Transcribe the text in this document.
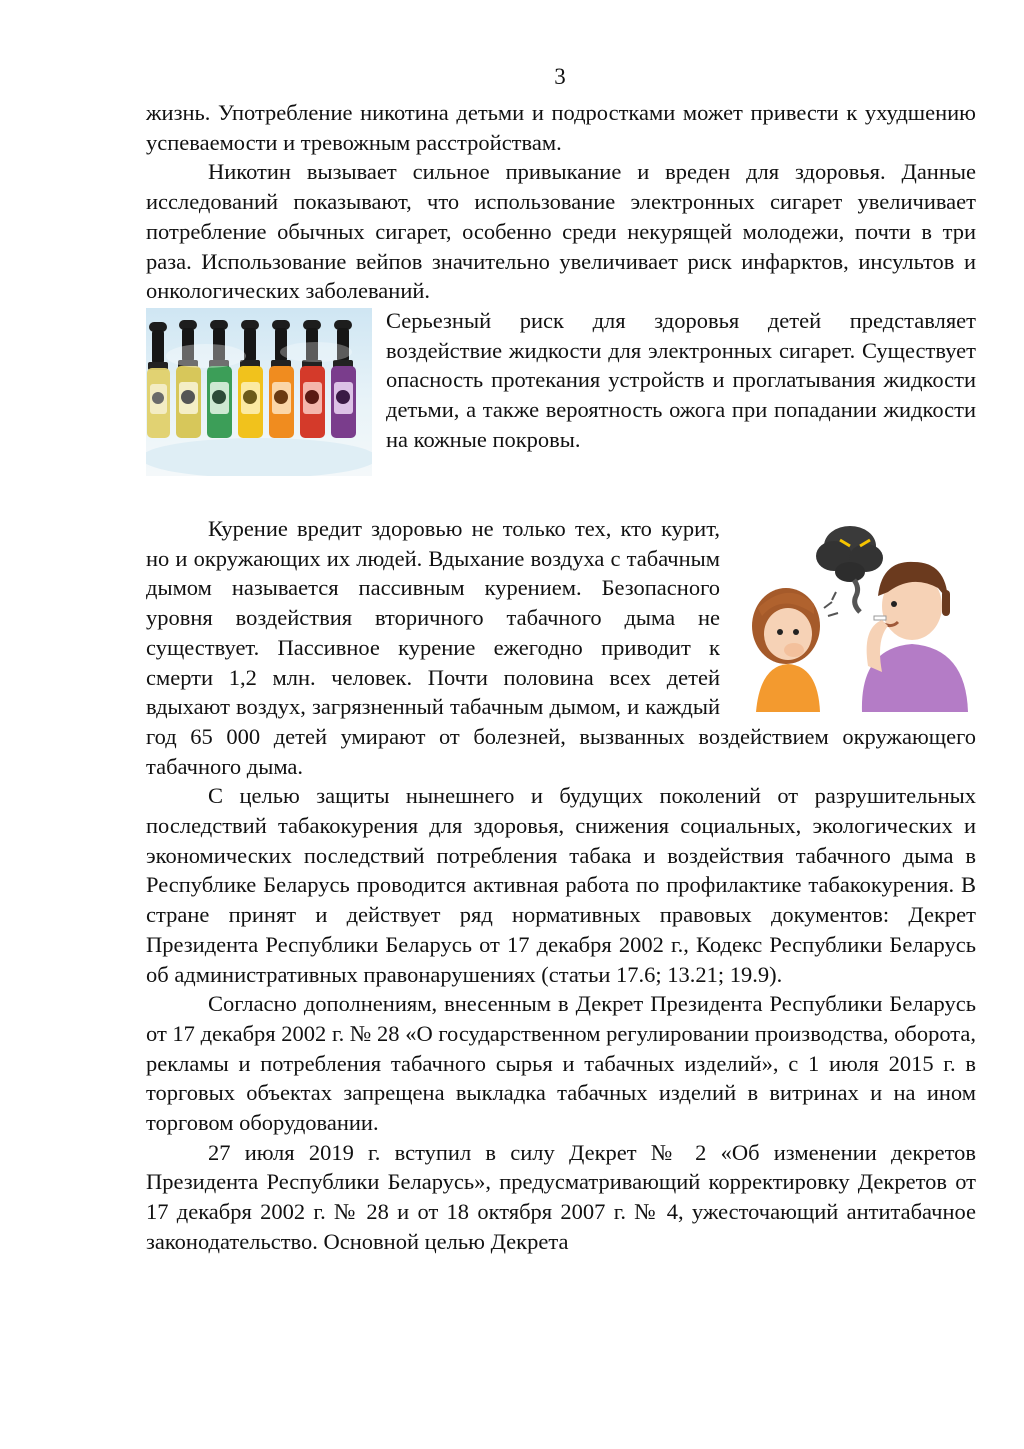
3

жизнь. Употребление никотина детьми и подростками может привести к ухудшению успеваемости и тревожным расстройствам.

Никотин вызывает сильное привыкание и вреден для здоровья. Данные исследований показывают, что использование электронных сигарет увеличивает потребление обычных сигарет, особенно среди некурящей молодежи, почти в три раза. Использование вейпов значительно увеличивает риск инфарктов, инсультов и онкологических заболеваний.

Серьезный риск для здоровья детей представляет воздействие жидкости для электронных сигарет. Существует опасность протекания устройств и проглатывания жидкости детьми, а также вероятность ожога при попадании жидкости на кожные покровы.

Курение вредит здоровью не только тех, кто курит, но и окружающих их людей. Вдыхание воздуха с табачным дымом называется пассивным курением. Безопасного уровня воздействия вторичного табачного дыма не существует. Пассивное курение ежегодно приводит к смерти 1,2 млн. человек. Почти половина всех детей вдыхают воздух, загрязненный табачным дымом, и каждый год 65 000 детей умирают от болезней, вызванных воздействием окружающего табачного дыма.

С целью защиты нынешнего и будущих поколений от разрушительных последствий табакокурения для здоровья, снижения социальных, экологических и экономических последствий потребления табака и воздействия табачного дыма в Республике Беларусь проводится активная работа по профилактике табакокурения. В стране принят и действует ряд нормативных правовых документов: Декрет Президента Республики Беларусь от 17 декабря 2002 г., Кодекс Республики Беларусь об административных правонарушениях (статьи 17.6; 13.21; 19.9).

Согласно дополнениям, внесенным в Декрет Президента Республики Беларусь от 17 декабря 2002 г. № 28 «О государственном регулировании производства, оборота, рекламы и потребления табачного сырья и табачных изделий», с 1 июля 2015 г. в торговых объектах запрещена выкладка табачных изделий в витринах и на ином торговом оборудовании.

27 июля 2019 г. вступил в силу Декрет № 2 «Об изменении декретов Президента Республики Беларусь», предусматривающий корректировку Декретов от 17 декабря 2002 г. № 28 и от 18 октября 2007 г. № 4, ужесточающий антитабачное законодательство. Основной целью Декрета
